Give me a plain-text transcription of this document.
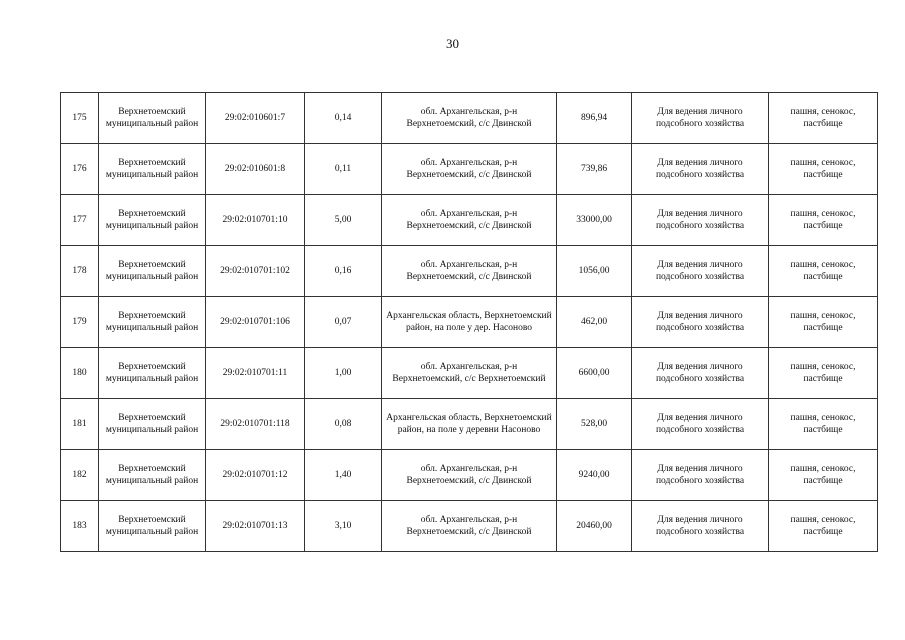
30
175	Верхнетоемский муниципальный район	29:02:010601:7	0,14	обл. Архангельская, р-н Верхнетоемский, с/с Двинской	896,94	Для ведения личного подсобного хозяйства	пашня, сенокос, пастбище
176	Верхнетоемский муниципальный район	29:02:010601:8	0,11	обл. Архангельская, р-н Верхнетоемский, с/с Двинской	739,86	Для ведения личного подсобного хозяйства	пашня, сенокос, пастбище
177	Верхнетоемский муниципальный район	29:02:010701:10	5,00	обл. Архангельская, р-н Верхнетоемский, с/с Двинской	33000,00	Для ведения личного подсобного хозяйства	пашня, сенокос, пастбище
178	Верхнетоемский муниципальный район	29:02:010701:102	0,16	обл. Архангельская, р-н Верхнетоемский, с/с Двинской	1056,00	Для ведения личного подсобного хозяйства	пашня, сенокос, пастбище
179	Верхнетоемский муниципальный район	29:02:010701:106	0,07	Архангельская область, Верхнетоемский район, на поле у дер. Насоново	462,00	Для ведения личного подсобного хозяйства	пашня, сенокос, пастбище
180	Верхнетоемский муниципальный район	29:02:010701:11	1,00	обл. Архангельская, р-н Верхнетоемский, с/с Верхнетоемский	6600,00	Для ведения личного подсобного хозяйства	пашня, сенокос, пастбище
181	Верхнетоемский муниципальный район	29:02:010701:118	0,08	Архангельская область, Верхнетоемский район, на поле у деревни Насоново	528,00	Для ведения личного подсобного хозяйства	пашня, сенокос, пастбище
182	Верхнетоемский муниципальный район	29:02:010701:12	1,40	обл. Архангельская, р-н Верхнетоемский, с/с Двинской	9240,00	Для ведения личного подсобного хозяйства	пашня, сенокос, пастбище
183	Верхнетоемский муниципальный район	29:02:010701:13	3,10	обл. Архангельская, р-н Верхнетоемский, с/с Двинской	20460,00	Для ведения личного подсобного хозяйства	пашня, сенокос, пастбище
